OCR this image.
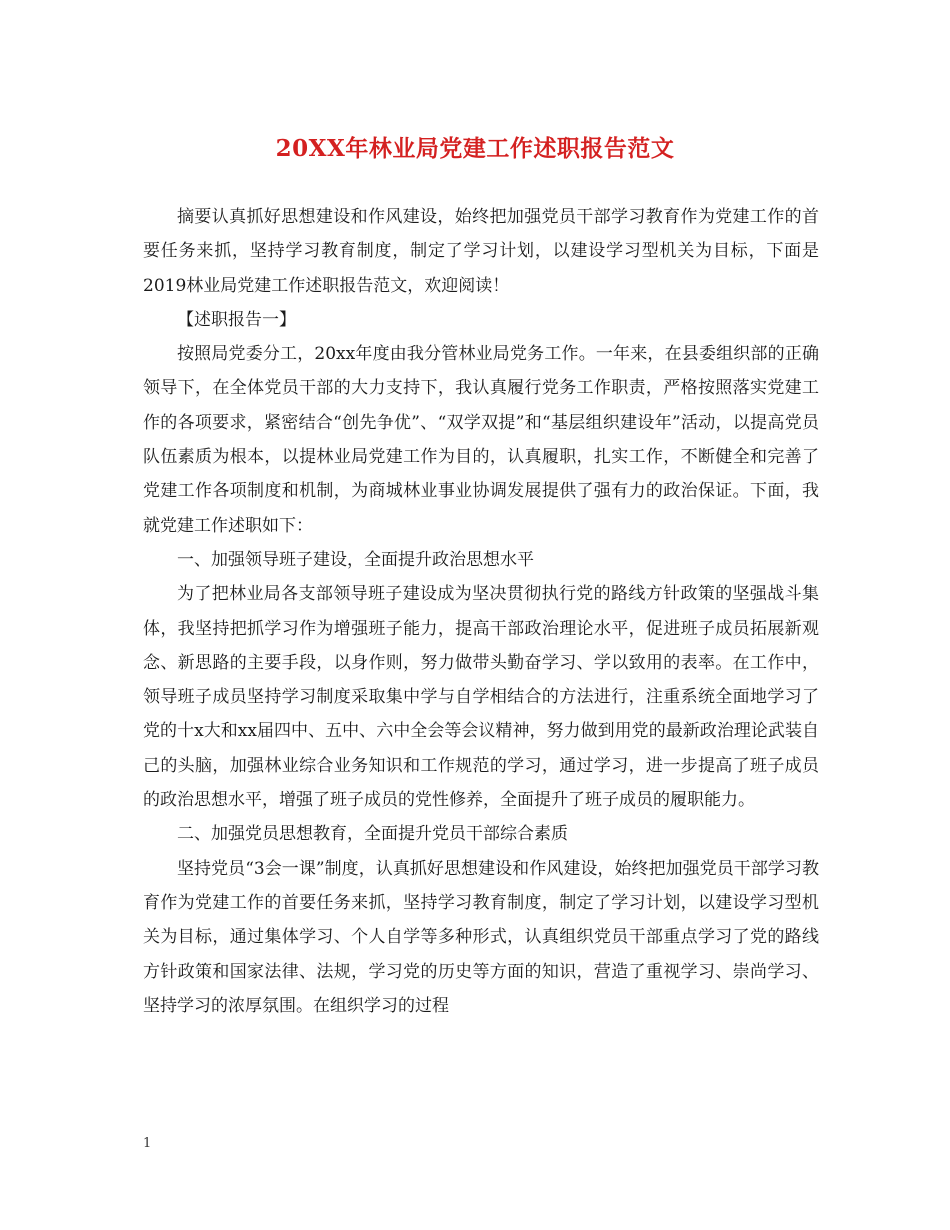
20XX年林业局党建工作述职报告范文

摘要认真抓好思想建设和作风建设，始终把加强党员干部学习教育作为党建工作的首要任务来抓，坚持学习教育制度，制定了学习计划，以建设学习型机关为目标，下面是2019林业局党建工作述职报告范文，欢迎阅读！

【述职报告一】

按照局党委分工，20xx年度由我分管林业局党务工作。一年来，在县委组织部的正确领导下，在全体党员干部的大力支持下，我认真履行党务工作职责，严格按照落实党建工作的各项要求，紧密结合“创先争优”、“双学双提”和“基层组织建设年”活动，以提高党员队伍素质为根本，以提林业局党建工作为目的，认真履职，扎实工作，不断健全和完善了党建工作各项制度和机制，为商城林业事业协调发展提供了强有力的政治保证。下面，我就党建工作述职如下：

一、加强领导班子建设，全面提升政治思想水平

为了把林业局各支部领导班子建设成为坚决贯彻执行党的路线方针政策的坚强战斗集体，我坚持把抓学习作为增强班子能力，提高干部政治理论水平，促进班子成员拓展新观念、新思路的主要手段，以身作则，努力做带头勤奋学习、学以致用的表率。在工作中，领导班子成员坚持学习制度采取集中学与自学相结合的方法进行，注重系统全面地学习了党的十x大和xx届四中、五中、六中全会等会议精神，努力做到用党的最新政治理论武装自己的头脑，加强林业综合业务知识和工作规范的学习，通过学习，进一步提高了班子成员的政治思想水平，增强了班子成员的党性修养，全面提升了班子成员的履职能力。

二、加强党员思想教育，全面提升党员干部综合素质

坚持党员“3会一课”制度，认真抓好思想建设和作风建设，始终把加强党员干部学习教育作为党建工作的首要任务来抓，坚持学习教育制度，制定了学习计划，以建设学习型机关为目标，通过集体学习、个人自学等多种形式，认真组织党员干部重点学习了党的路线方针政策和国家法律、法规，学习党的历史等方面的知识，营造了重视学习、崇尚学习、坚持学习的浓厚氛围。在组织学习的过程

1
